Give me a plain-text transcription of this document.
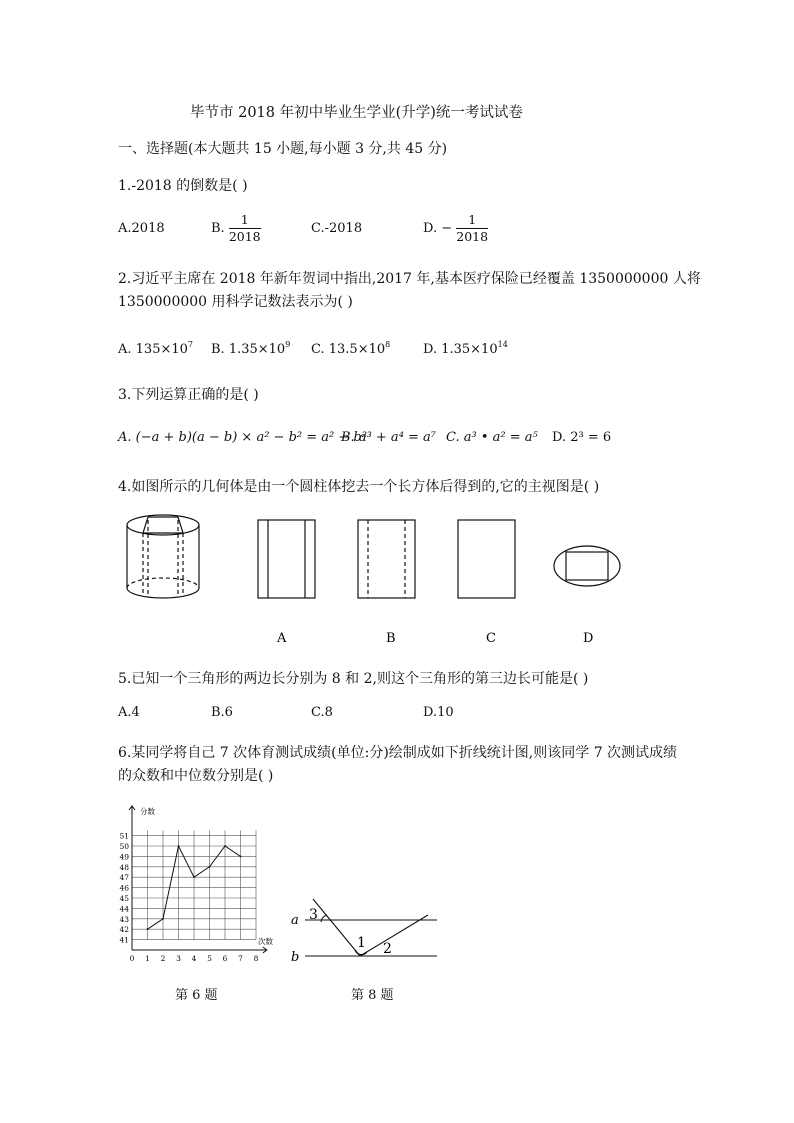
毕节市 2018 年初中毕业生学业(升学)统一考试试卷
一、选择题(本大题共 15 小题,每小题 3 分,共 45 分)
1.-2018 的倒数是( )
A.2018	B. $\frac{1}{2018}$	C.-2018	D. − $\frac{1}{2018}$
2.习近平主席在 2018 年新年贺词中指出,2017 年,基本医疗保险已经覆盖 1350000000 人将
1350000000 用科学记数法表示为( )
A. $135\times 10^7$ B. $1.35\times 10^9$ C. $13.5\times 10^8$	D. $1.35\times 10^{14}$
3.下列运算正确的是( )
A. (−a + b)(a − b) × a² − b² = a² − b²
B. a³ + a⁴ = a⁷ C. a³ • a² = a⁵ D. 2³ = 6
4.如图所示的几何体是由一个圆柱体挖去一个长方体后得到的,它的主视图是( )
A	B	C	D
5.已知一个三角形的两边长分别为 8 和 2,则这个三角形的第三边长可能是( )
A.4	B.6	C.8	D.10
6.某同学将自己 7 次体育测试成绩(单位:分)绘制成如下折线统计图,则该同学 7 次测试成绩
的众数和中位数分别是( )
41
42
43
44
45
46
47
48
49
50
51
0 1 2 3 4 5 6 7 8
分数
次数
a
b
3
1 2
第 6 题	第 8 题
